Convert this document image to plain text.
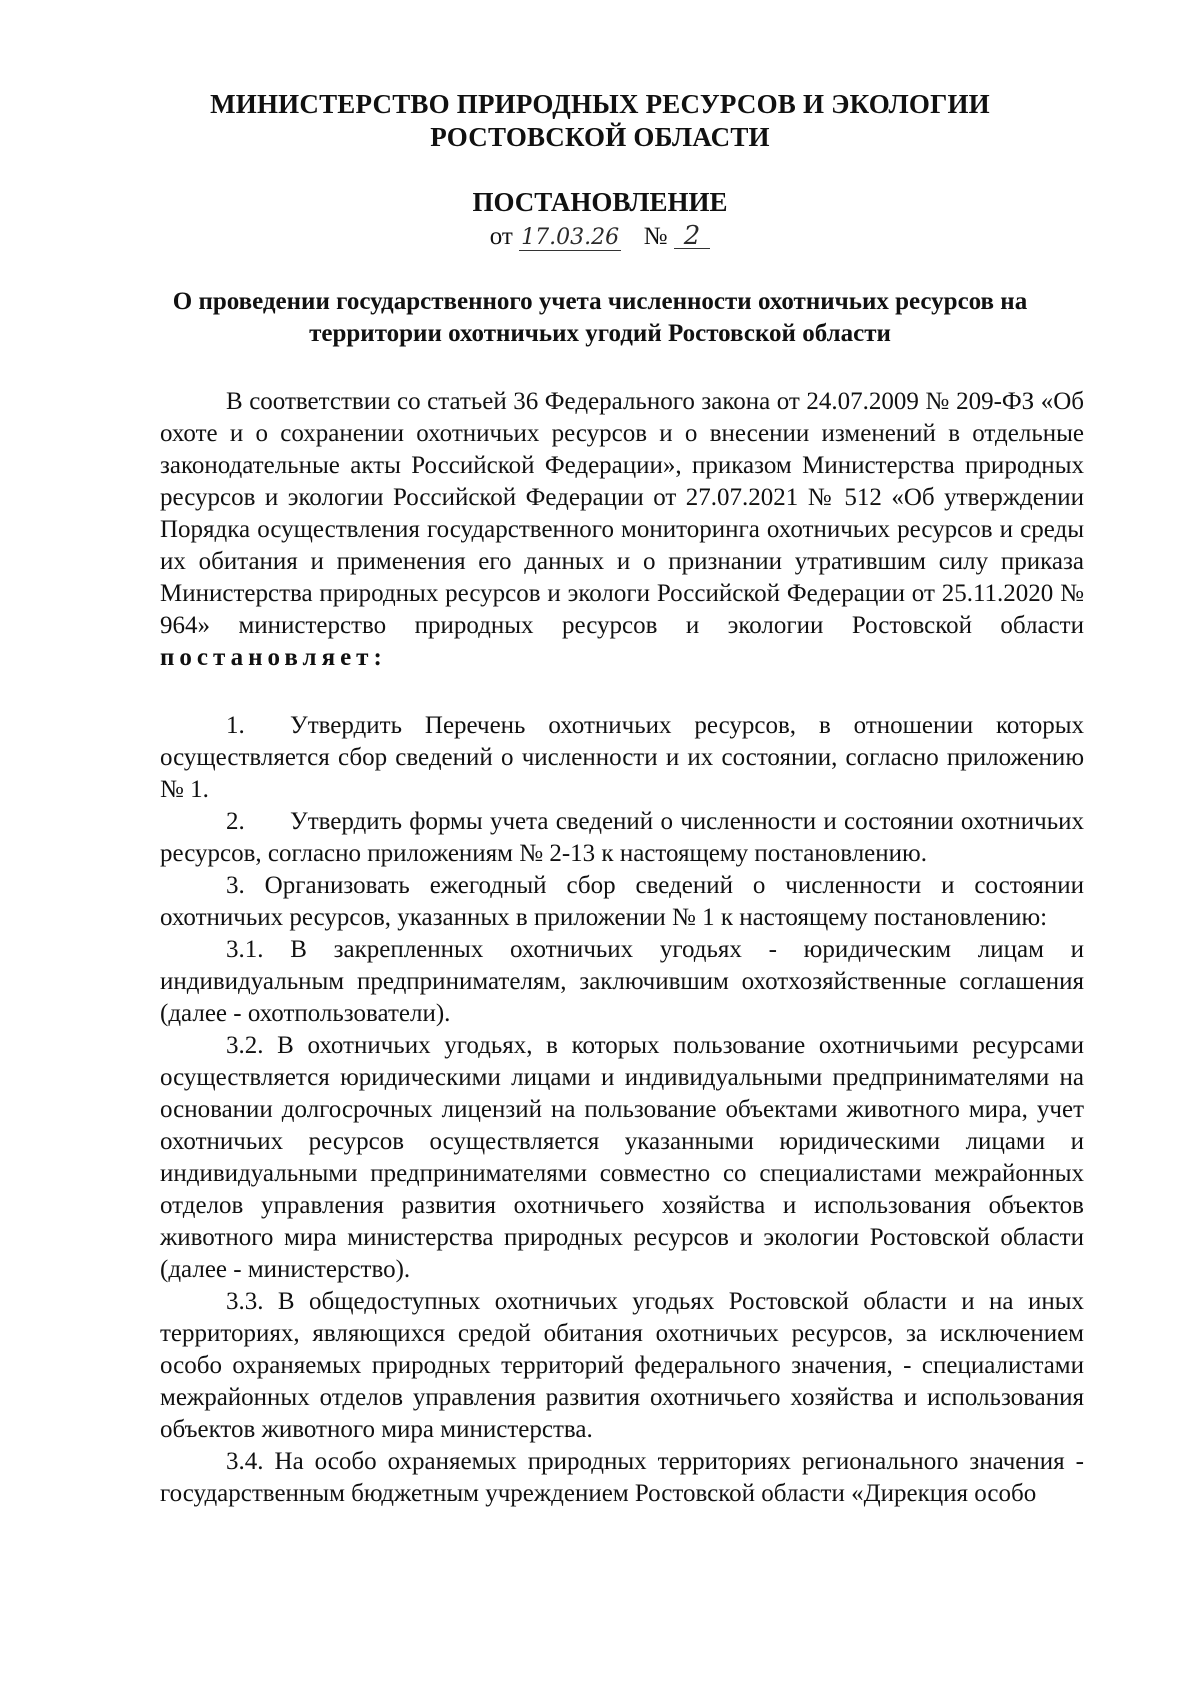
МИНИСТЕРСТВО ПРИРОДНЫХ РЕСУРСОВ И ЭКОЛОГИИ
РОСТОВСКОЙ ОБЛАСТИ
ПОСТАНОВЛЕНИЕ
от 17.03.26 № 2
О проведении государственного учета численности охотничьих ресурсов на
территории охотничьих угодий Ростовской области

В соответствии со статьей 36 Федерального закона от 24.07.2009 № 209-ФЗ «Об охоте и о сохранении охотничьих ресурсов и о внесении изменений в отдельные законодательные акты Российской Федерации», приказом Министерства природных ресурсов и экологии Российской Федерации от 27.07.2021 № 512 «Об утверждении Порядка осуществления государственного мониторинга охотничьих ресурсов и среды их обитания и применения его данных и о признании утратившим силу приказа Министерства природных ресурсов и экологи Российской Федерации от 25.11.2020 № 964» министерство природных ресурсов и экологии Ростовской области постановляет:

1. Утвердить Перечень охотничьих ресурсов, в отношении которых осуществляется сбор сведений о численности и их состоянии, согласно приложению № 1.

2. Утвердить формы учета сведений о численности и состоянии охотничьих ресурсов, согласно приложениям № 2-13 к настоящему постановлению.

3. Организовать ежегодный сбор сведений о численности и состоянии охотничьих ресурсов, указанных в приложении № 1 к настоящему постановлению:

3.1. В закрепленных охотничьих угодьях - юридическим лицам и индивидуальным предпринимателям, заключившим охотхозяйственные соглашения (далее - охотпользователи).

3.2. В охотничьих угодьях, в которых пользование охотничьими ресурсами осуществляется юридическими лицами и индивидуальными предпринимателями на основании долгосрочных лицензий на пользование объектами животного мира, учет охотничьих ресурсов осуществляется указанными юридическими лицами и индивидуальными предпринимателями совместно со специалистами межрайонных отделов управления развития охотничьего хозяйства и использования объектов животного мира министерства природных ресурсов и экологии Ростовской области (далее - министерство).

3.3. В общедоступных охотничьих угодьях Ростовской области и на иных территориях, являющихся средой обитания охотничьих ресурсов, за исключением особо охраняемых природных территорий федерального значения, - специалистами межрайонных отделов управления развития охотничьего хозяйства и использования объектов животного мира министерства.

3.4. На особо охраняемых природных территориях регионального значения - государственным бюджетным учреждением Ростовской области «Дирекция особо
